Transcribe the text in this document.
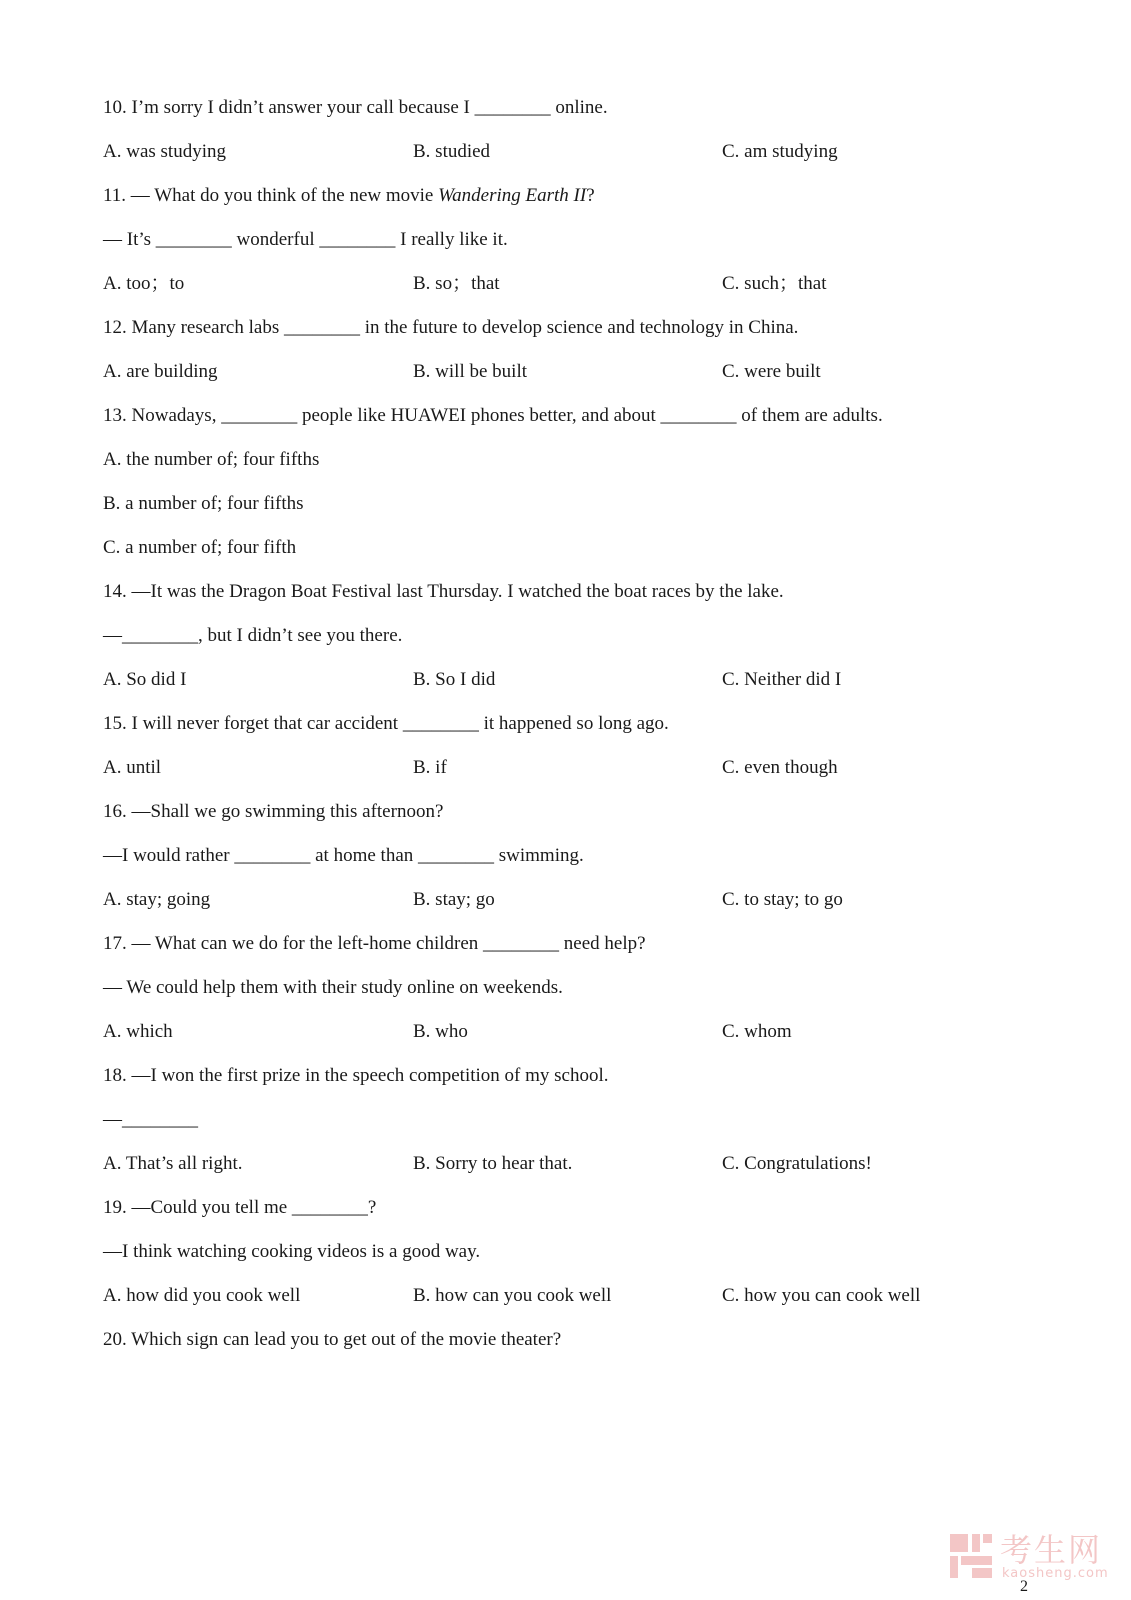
10. I’m sorry I didn’t answer your call because I ________ online.
A. was studying	B. studied	C. am studying
11. — What do you think of the new movie Wandering Earth II?
— It’s ________ wonderful ________ I really like it.
A. too；to	B. so；that	C. such；that
12. Many research labs ________ in the future to develop science and technology in China.
A. are building	B. will be built	C. were built
13. Nowadays, ________ people like HUAWEI phones better, and about ________ of them are adults.
A. the number of; four fifths
B. a number of; four fifths
C. a number of; four fifth
14. —It was the Dragon Boat Festival last Thursday. I watched the boat races by the lake.
—________, but I didn’t see you there.
A. So did I	B. So I did	C. Neither did I
15. I will never forget that car accident ________ it happened so long ago.
A. until	B. if	C. even though
16. —Shall we go swimming this afternoon?
—I would rather ________ at home than ________ swimming.
A. stay; going	B. stay; go	C. to stay; to go
17. — What can we do for the left-home children ________ need help?
— We could help them with their study online on weekends.
A. which	B. who	C. whom
18. —I won the first prize in the speech competition of my school.
—________
A. That’s all right.	B. Sorry to hear that.	C. Congratulations!
19. —Could you tell me ________?
—I think watching cooking videos is a good way.
A. how did you cook well	B. how can you cook well	C. how you can cook well
20. Which sign can lead you to get out of the movie theater?
考生网
kaosheng.com
2
